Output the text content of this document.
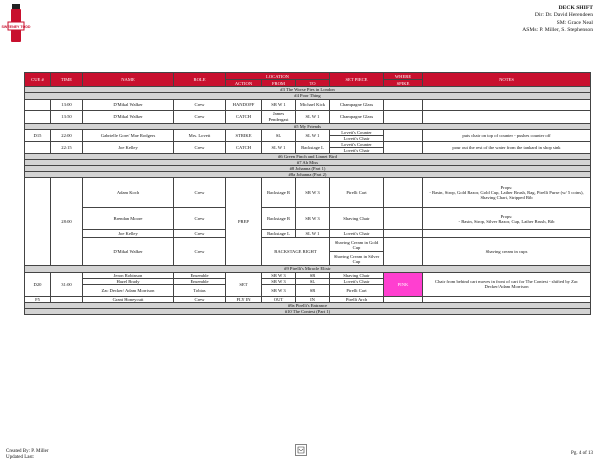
SWEENEY TODD
DECK SHIFT
Dir: Dr. David Herendeen
SM: Grace Neal
ASMs: P. Miller, S. Stephenson
CUE #	TIME	NAME	ROLE	LOCATION			SET PIECE	WHERE	NOTES
				ACTION	FROM	TO		SPIKE	
#3 The Worse Pies in London									
#4 Poor Thing									
	13:00	D'Mikal Walker	Crew	HANDOFF	SR W 1	Michael Kick	Champagne Glass		
	13:50	D'Mikal Walker	Crew	CATCH	James Pendergast	SL W 1	Champagne Glass		
#5 My Friends									
D15	22:00	Gabrielle Gore/ Mae Rodgers	Mrs. Lovett	STRIKE	SL	SL W 1	Lovett's Counter		puts chair on top of counter - pushes counter off
							Lovett's Chair		
	22:15	Joe Kelley	Crew	CATCH	SL W 1	Backstage L	Lovett's Counter		pour out the rest of the water from the tankard in shop sink
							Lovett's Chair		
#6 Green Finch and Linnet Bird									
#7 Ah Miss									
#8 Johanna (Part 1)									
#8a Johanna (Part 2)									
	28:00	Adam Koch	Crew	PREP	Backstage R	SR W 3	Pirelli Cart		Props:
- Basin, Strop, Gold Razor, Gold Cup, Lather Brush, Rag, Pirelli Purse (w/ 5 coins), Shaving Chart, Stripped Bib
		Brendan Moore	Crew		Backstage R	SR W 3	Shaving Chair		Props:
- Basin, Strop, Silver Razor, Cup, Lather Brush, Bib
		Joe Kelley	Crew		Backstage L	SL W 1	Lovett's Chair		
		D'Mikal Walker	Crew		BACKSTAGE RIGHT		Shaving Cream in Gold Cup		Shaving cream in cups
							Shaving Cream in Silver Cup		
#9 Pirelli's Miracle Elixir									
D20	31:00	Jeron Robinson	Ensemble	SET	SR W 3	SR	Shaving Chair	PINK	Chair from behind cart moves in front of cart for The Contest - shifted by Zac Decker/Adam Morrison
		Hazel Brady	Ensemble		SR W 3	SL	Lovett's Chair		
		Zac Decker/ Adam Morrison	Tobias		SR W 3	SR	Pirelli Cart		
F5		Grant Honeycutt	Crew	FLY IN	OUT	IN	Pirelli Arch		
#9a Pirelli's Entrance									
#10 The Contest (Part 1)									
Created By: P. Miller
Updated Last:
Pg. 4 of 13
